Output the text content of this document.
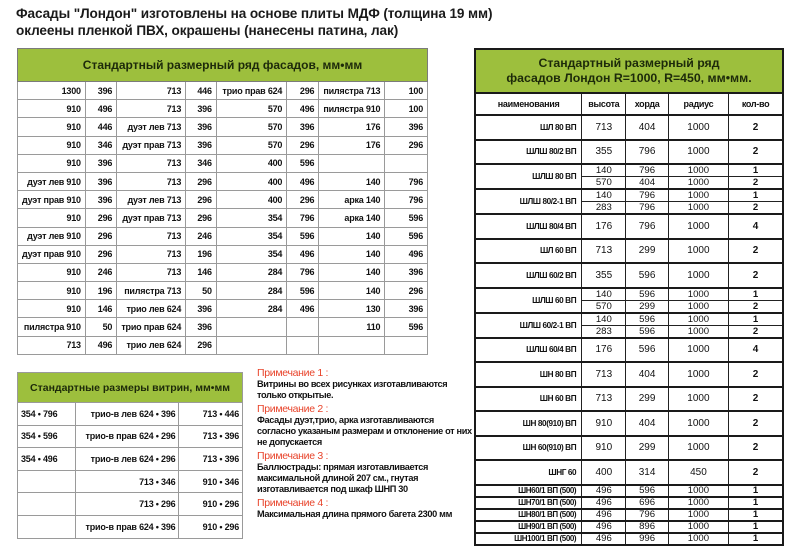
Фасады "Лондон" изготовлены на основе плиты МДФ (толщина 19 мм)
оклеены пленкой ПВХ, окрашены (нанесены патина, лак)
Стандартный размерный ряд фасадов, мм•мм							
1300	396	713	446	трио прав 624	296	пилястра 713	100
910	496	713	396	570	496	пилястра 910	100
910	446	дуэт лев 713	396	570	396	176	396
910	346	дуэт прав 713	396	570	296	176	296
910	396	713	346	400	596		
дуэт лев 910	396	713	296	400	496	140	796
дуэт прав 910	396	дуэт лев 713	296	400	296	арка 140	796
910	296	дуэт прав 713	296	354	796	арка 140	596
дуэт лев 910	296	713	246	354	596	140	596
дуэт прав 910	296	713	196	354	496	140	496
910	246	713	146	284	796	140	396
910	196	пилястра 713	50	284	596	140	296
910	146	трио лев 624	396	284	496	130	396
пилястра 910	50	трио прав 624	396			110	596
713	496	трио лев 624	296				
Стандартные размеры витрин, мм•мм		
354 • 796	трио-в лев 624 • 396	713 • 446
354 • 596	трио-в прав 624 • 296	713 • 396
354 • 496	трио-в лев 624 • 296	713 • 396
	713 • 346	910 • 346
	713 • 296	910 • 296
	трио-в прав 624 • 396	910 • 296
Примечание 1 :
Витрины во всех рисунках изготавливаются только открытые.
Примечание 2 :
Фасады дуэт,трио, арка изготавливаются согласно указаным размерам и отклонение от них не допускается
Примечание 3 :
Баллюстрады: прямая изготавливается максимальной длиной 207 см., гнутая изготавливается под шкаф ШНП 30
Примечание 4 :
Максимальная длина прямого багета 2300 мм
Стандартный размерный ряд
фасадов Лондон R=1000, R=450, мм•мм.				

наименования	высота	хорда	радиус	кол-во
ШЛ 80 ВП	713	404	1000	2
ШЛШ 80/2 ВП	355	796	1000	2
ШЛШ 80 ВП	140	796	1000	1
	570	404	1000	2
ШЛШ 80/2-1 ВП	140	796	1000	1
	283	796	1000	2
ШЛШ 80/4 ВП	176	796	1000	4
ШЛ 60 ВП	713	299	1000	2
ШЛШ 60/2 ВП	355	596	1000	2
ШЛШ 60 ВП	140	596	1000	1
	570	299	1000	2
ШЛШ 60/2-1 ВП	140	596	1000	1
	283	596	1000	2
ШЛШ 60/4 ВП	176	596	1000	4
ШН 80 ВП	713	404	1000	2
ШН 60 ВП	713	299	1000	2
ШН 80(910) ВП	910	404	1000	2
ШН 60(910) ВП	910	299	1000	2
ШНГ 60	400	314	450	2
ШН60/1 ВП (500)	496	596	1000	1
ШН70/1 ВП (500)	496	696	1000	1
ШН80/1 ВП (500)	496	796	1000	1
ШН90/1 ВП (500)	496	896	1000	1
ШН100/1 ВП (500)	496	996	1000	1
